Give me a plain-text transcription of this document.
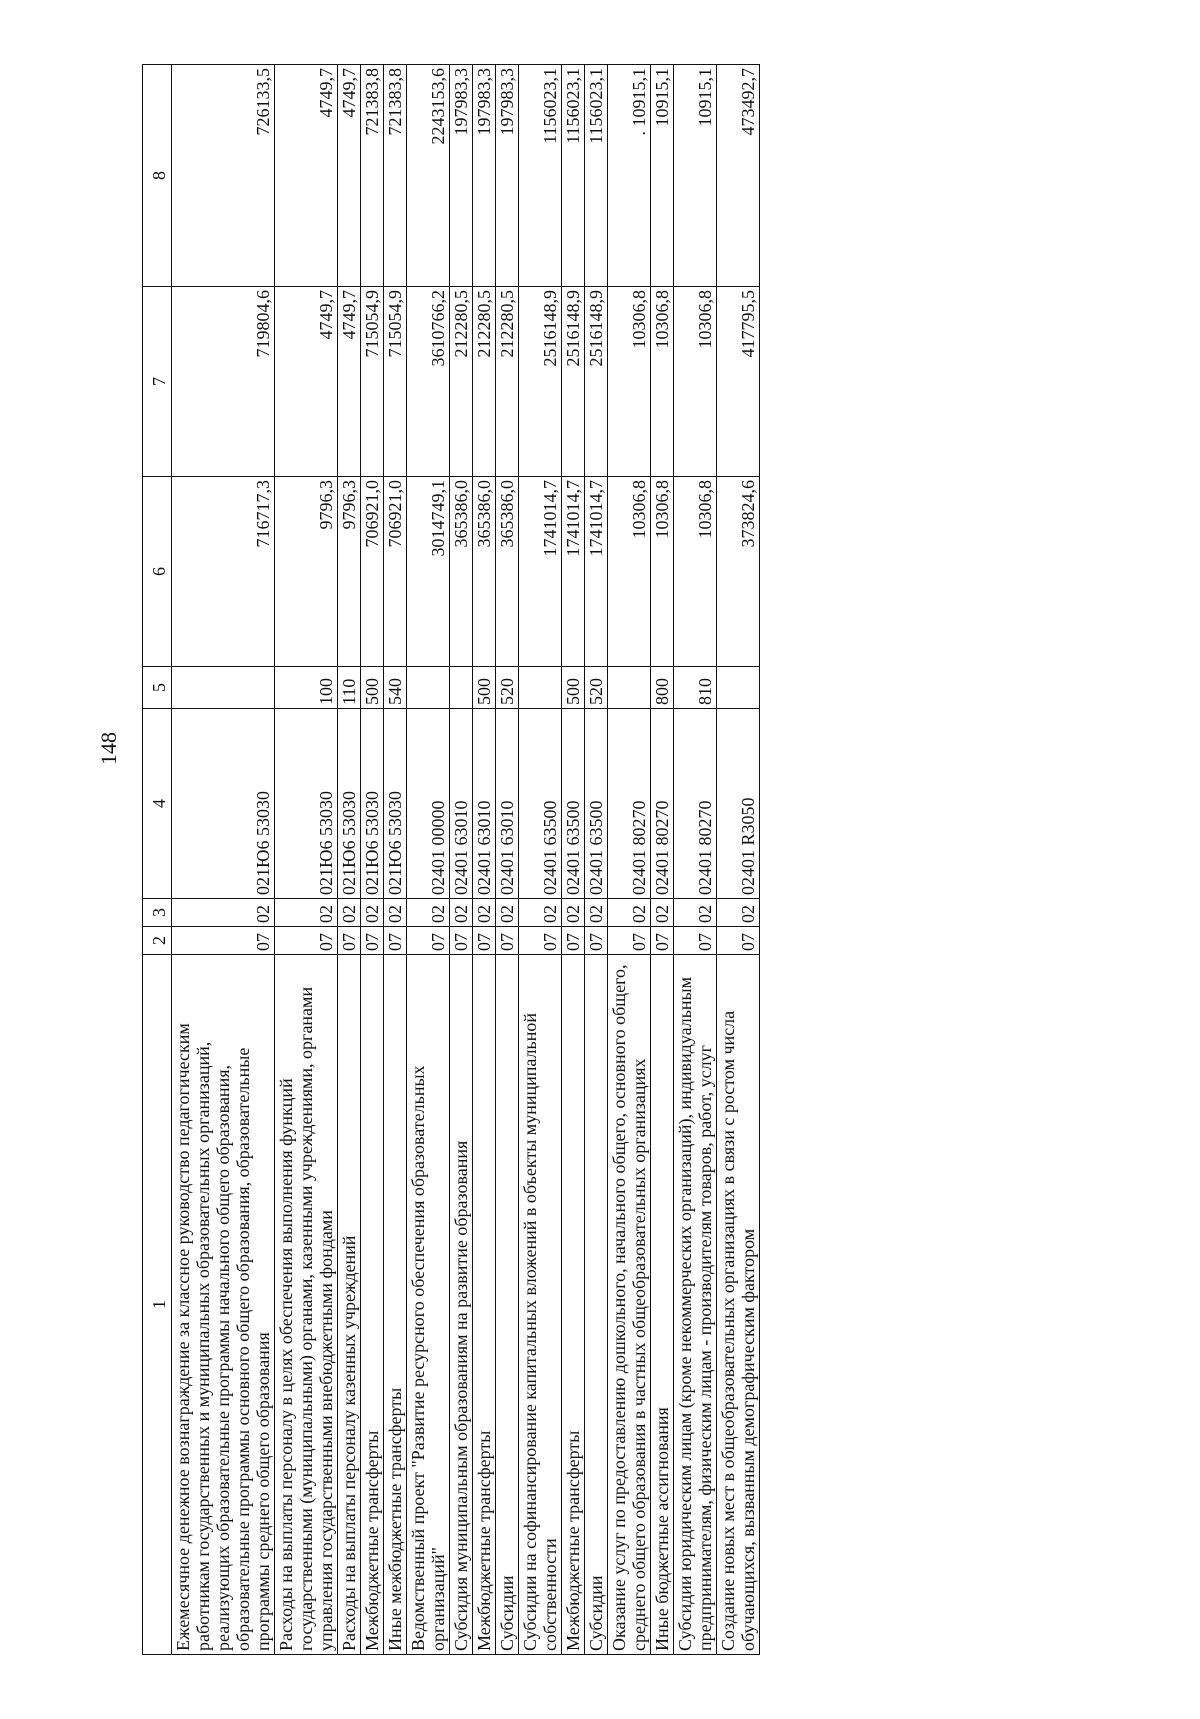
148
1	2	3	4	5	6	7	8
Ежемесячное денежное вознаграждение за классное руководство педагогическим работникам государственных и муниципальных образовательных организаций, реализующих образовательные программы начального общего образования, образовательные программы основного общего образования, образовательные программы среднего общего образования	07	02	021Ю6 53030		716717,3	719804,6	726133,5
Расходы на выплаты персоналу в целях обеспечения выполнения функций государственными (муниципальными) органами, казенными учреждениями, органами управления государственными внебюджетными фондами	07	02	021Ю6 53030	100	9796,3	4749,7	4749,7
Расходы на выплаты персоналу казенных учреждений	07	02	021Ю6 53030	110	9796,3	4749,7	4749,7
Межбюджетные трансферты	07	02	021Ю6 53030	500	706921,0	715054,9	721383,8
Иные межбюджетные трансферты	07	02	021Ю6 53030	540	706921,0	715054,9	721383,8
Ведомственный проект "Развитие ресурсного обеспечения образовательных организаций"	07	02	02401 00000		3014749,1	3610766,2	2243153,6
Субсидия муниципальным образованиям на развитие образования	07	02	02401 63010		365386,0	212280,5	197983,3
Межбюджетные трансферты	07	02	02401 63010	500	365386,0	212280,5	197983,3
Субсидии	07	02	02401 63010	520	365386,0	212280,5	197983,3
Субсидии на софинансирование капитальных вложений в объекты муниципальной собственности	07	02	02401 63500		1741014,7	2516148,9	1156023,1
Межбюджетные трансферты	07	02	02401 63500	500	1741014,7	2516148,9	1156023,1
Субсидии	07	02	02401 63500	520	1741014,7	2516148,9	1156023,1
Оказание услуг по предоставлению дошкольного, начального общего, основного общего, среднего общего образования в частных общеобразовательных организациях	07	02	02401 80270		10306,8	10306,8	. 10915,1
Иные бюджетные ассигнования	07	02	02401 80270	800	10306,8	10306,8	10915,1
Субсидии юридическим лицам (кроме некоммерческих организаций), индивидуальным предпринимателям, физическим лицам - производителям товаров, работ, услуг	07	02	02401 80270	810	10306,8	10306,8	10915,1
Создание новых мест в общеобразовательных организациях в связи с ростом числа обучающихся, вызванным демографическим фактором	07	02	02401 R3050		373824,6	417795,5	473492,7
